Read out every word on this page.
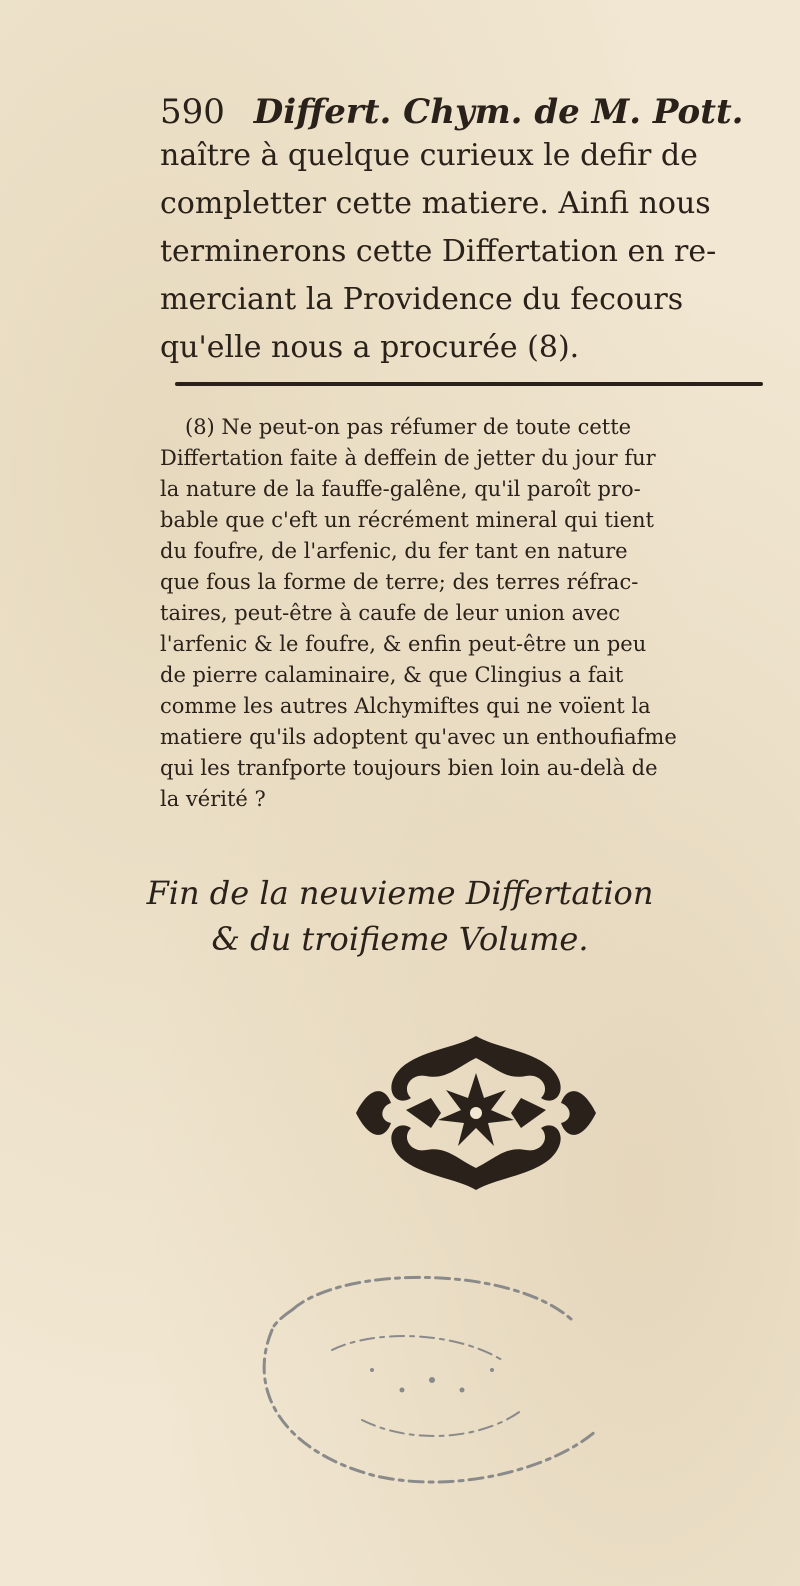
590 Differt. Chym. de M. Pott.
naître à quelque curieux le defir de
completter cette matiere. Ainfi nous
terminerons cette Differtation en re-
merciant la Providence du fecours
qu'elle nous a procurée (8).
(8) Ne peut-on pas réfumer de toute cette
Differtation faite à deffein de jetter du jour fur
la nature de la fauffe-galêne, qu'il paroît pro-
bable que c'eft un récrément mineral qui tient
du foufre, de l'arfenic, du fer tant en nature
que fous la forme de terre; des terres réfrac-
taires, peut-être à caufe de leur union avec
l'arfenic & le foufre, & enfin peut-être un peu
de pierre calaminaire, & que Clingius a fait
comme les autres Alchymiftes qui ne voïent la
matiere qu'ils adoptent qu'avec un enthoufiafme
qui les tranfporte toujours bien loin au-delà de
la vérité ?
Fin de la neuvieme Differtation
& du troifieme Volume.
